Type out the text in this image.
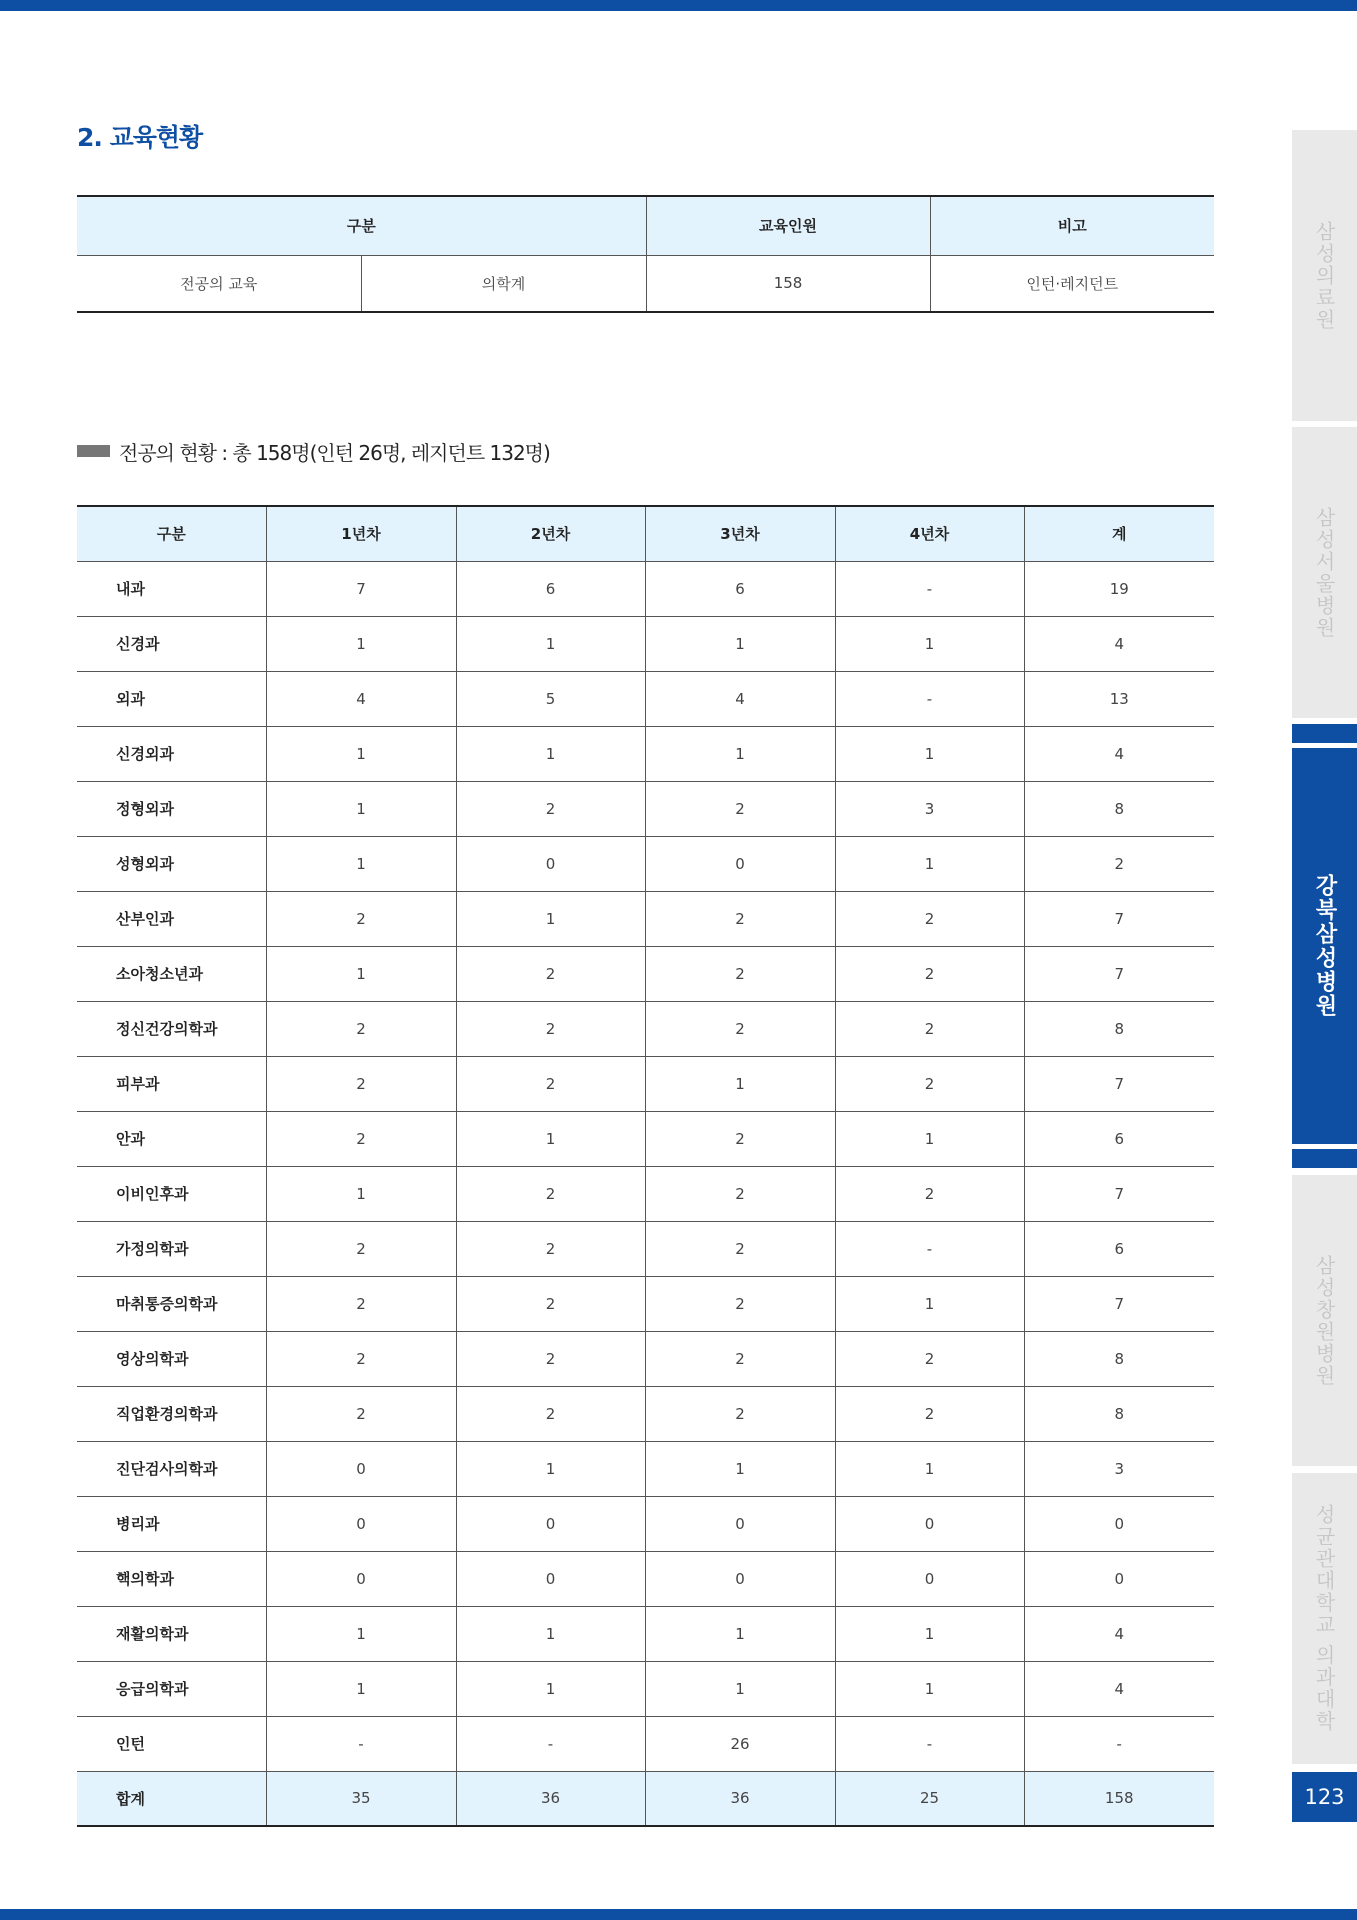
2. 교육현황
구분		교육인원	비고
전공의 교육	의학계	158	인턴·레지던트
전공의 현황 : 총 158명(인턴 26명, 레지던트 132명)
구분	1년차	2년차	3년차	4년차	계
내과	7	6	6	-	19
신경과	1	1	1	1	4
외과	4	5	4	-	13
신경외과	1	1	1	1	4
정형외과	1	2	2	3	8
성형외과	1	0	0	1	2
산부인과	2	1	2	2	7
소아청소년과	1	2	2	2	7
정신건강의학과	2	2	2	2	8
피부과	2	2	1	2	7
안과	2	1	2	1	6
이비인후과	1	2	2	2	7
가정의학과	2	2	2	-	6
마취통증의학과	2	2	2	1	7
영상의학과	2	2	2	2	8
직업환경의학과	2	2	2	2	8
진단검사의학과	0	1	1	1	3
병리과	0	0	0	0	0
핵의학과	0	0	0	0	0
재활의학과	1	1	1	1	4
응급의학과	1	1	1	1	4
인턴	-	-	26	-	-
합계	35	36	36	25	158
삼성의료원
삼성서울병원
강북삼성병원
삼성창원병원
성균관대학교 의과대학
123
